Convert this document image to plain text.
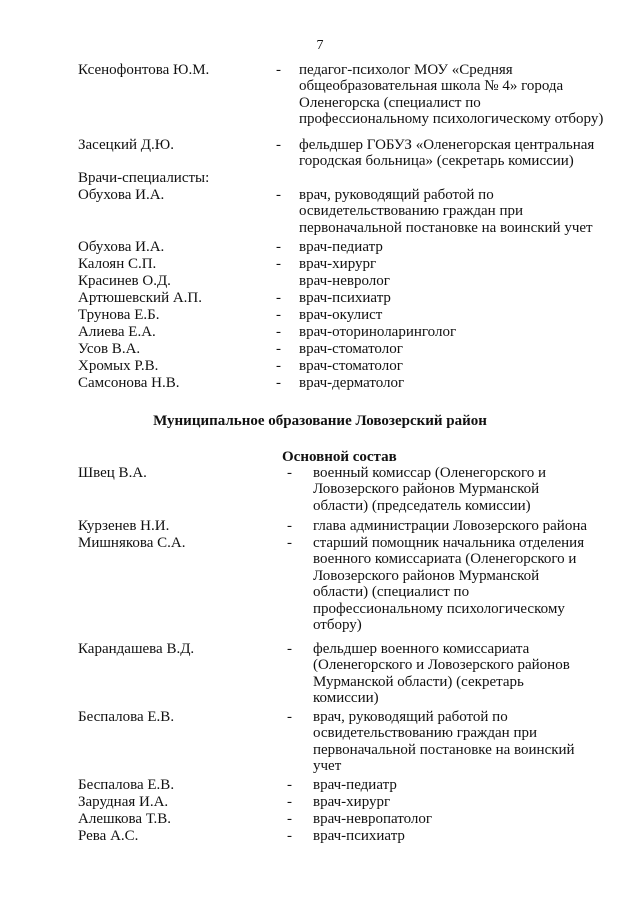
7
Ксенофонтова Ю.М.	- педагог-психолог МОУ «Средняя
общеобразовательная школа № 4» города
Оленегорска (специалист по
профессиональному психологическому отбору)
Засецкий Д.Ю.	- фельдшер ГОБУЗ «Оленегорская центральная
городская больница» (секретарь комиссии)
Врачи-специалисты:
Обухова И.А.	- врач, руководящий работой по
освидетельствованию граждан при
первоначальной постановке на воинский учет
Обухова И.А.	- врач-педиатр
Калоян С.П.	- врач-хирург
Красинев О.Д.	врач-невролог
Артюшевский А.П.	- врач-психиатр
Трунова Е.Б.	- врач-окулист
Алиева Е.А.	- врач-оториноларинголог
Усов В.А.	- врач-стоматолог
Хромых Р.В.	- врач-стоматолог
Самсонова Н.В.	- врач-дерматолог
Муниципальное образование Ловозерский район
Основной состав
Швец В.А.	- военный комиссар (Оленегорского и
Ловозерского районов Мурманской
области) (председатель комиссии)
Курзенев Н.И.	- глава администрации Ловозерского района
Мишнякова С.А.	- старший помощник начальника отделения
военного комиссариата (Оленегорского и
Ловозерского районов Мурманской
области) (специалист по
профессиональному психологическому
отбору)
Карандашева В.Д.	- фельдшер военного комиссариата
(Оленегорского и Ловозерского районов
Мурманской области) (секретарь
комиссии)
Беспалова Е.В.	- врач, руководящий работой по
освидетельствованию граждан при
первоначальной постановке на воинский
учет
Беспалова Е.В.	- врач-педиатр
Зарудная И.А.	- врач-хирург
Алешкова Т.В.	- врач-невропатолог
Рева А.С.	- врач-психиатр
